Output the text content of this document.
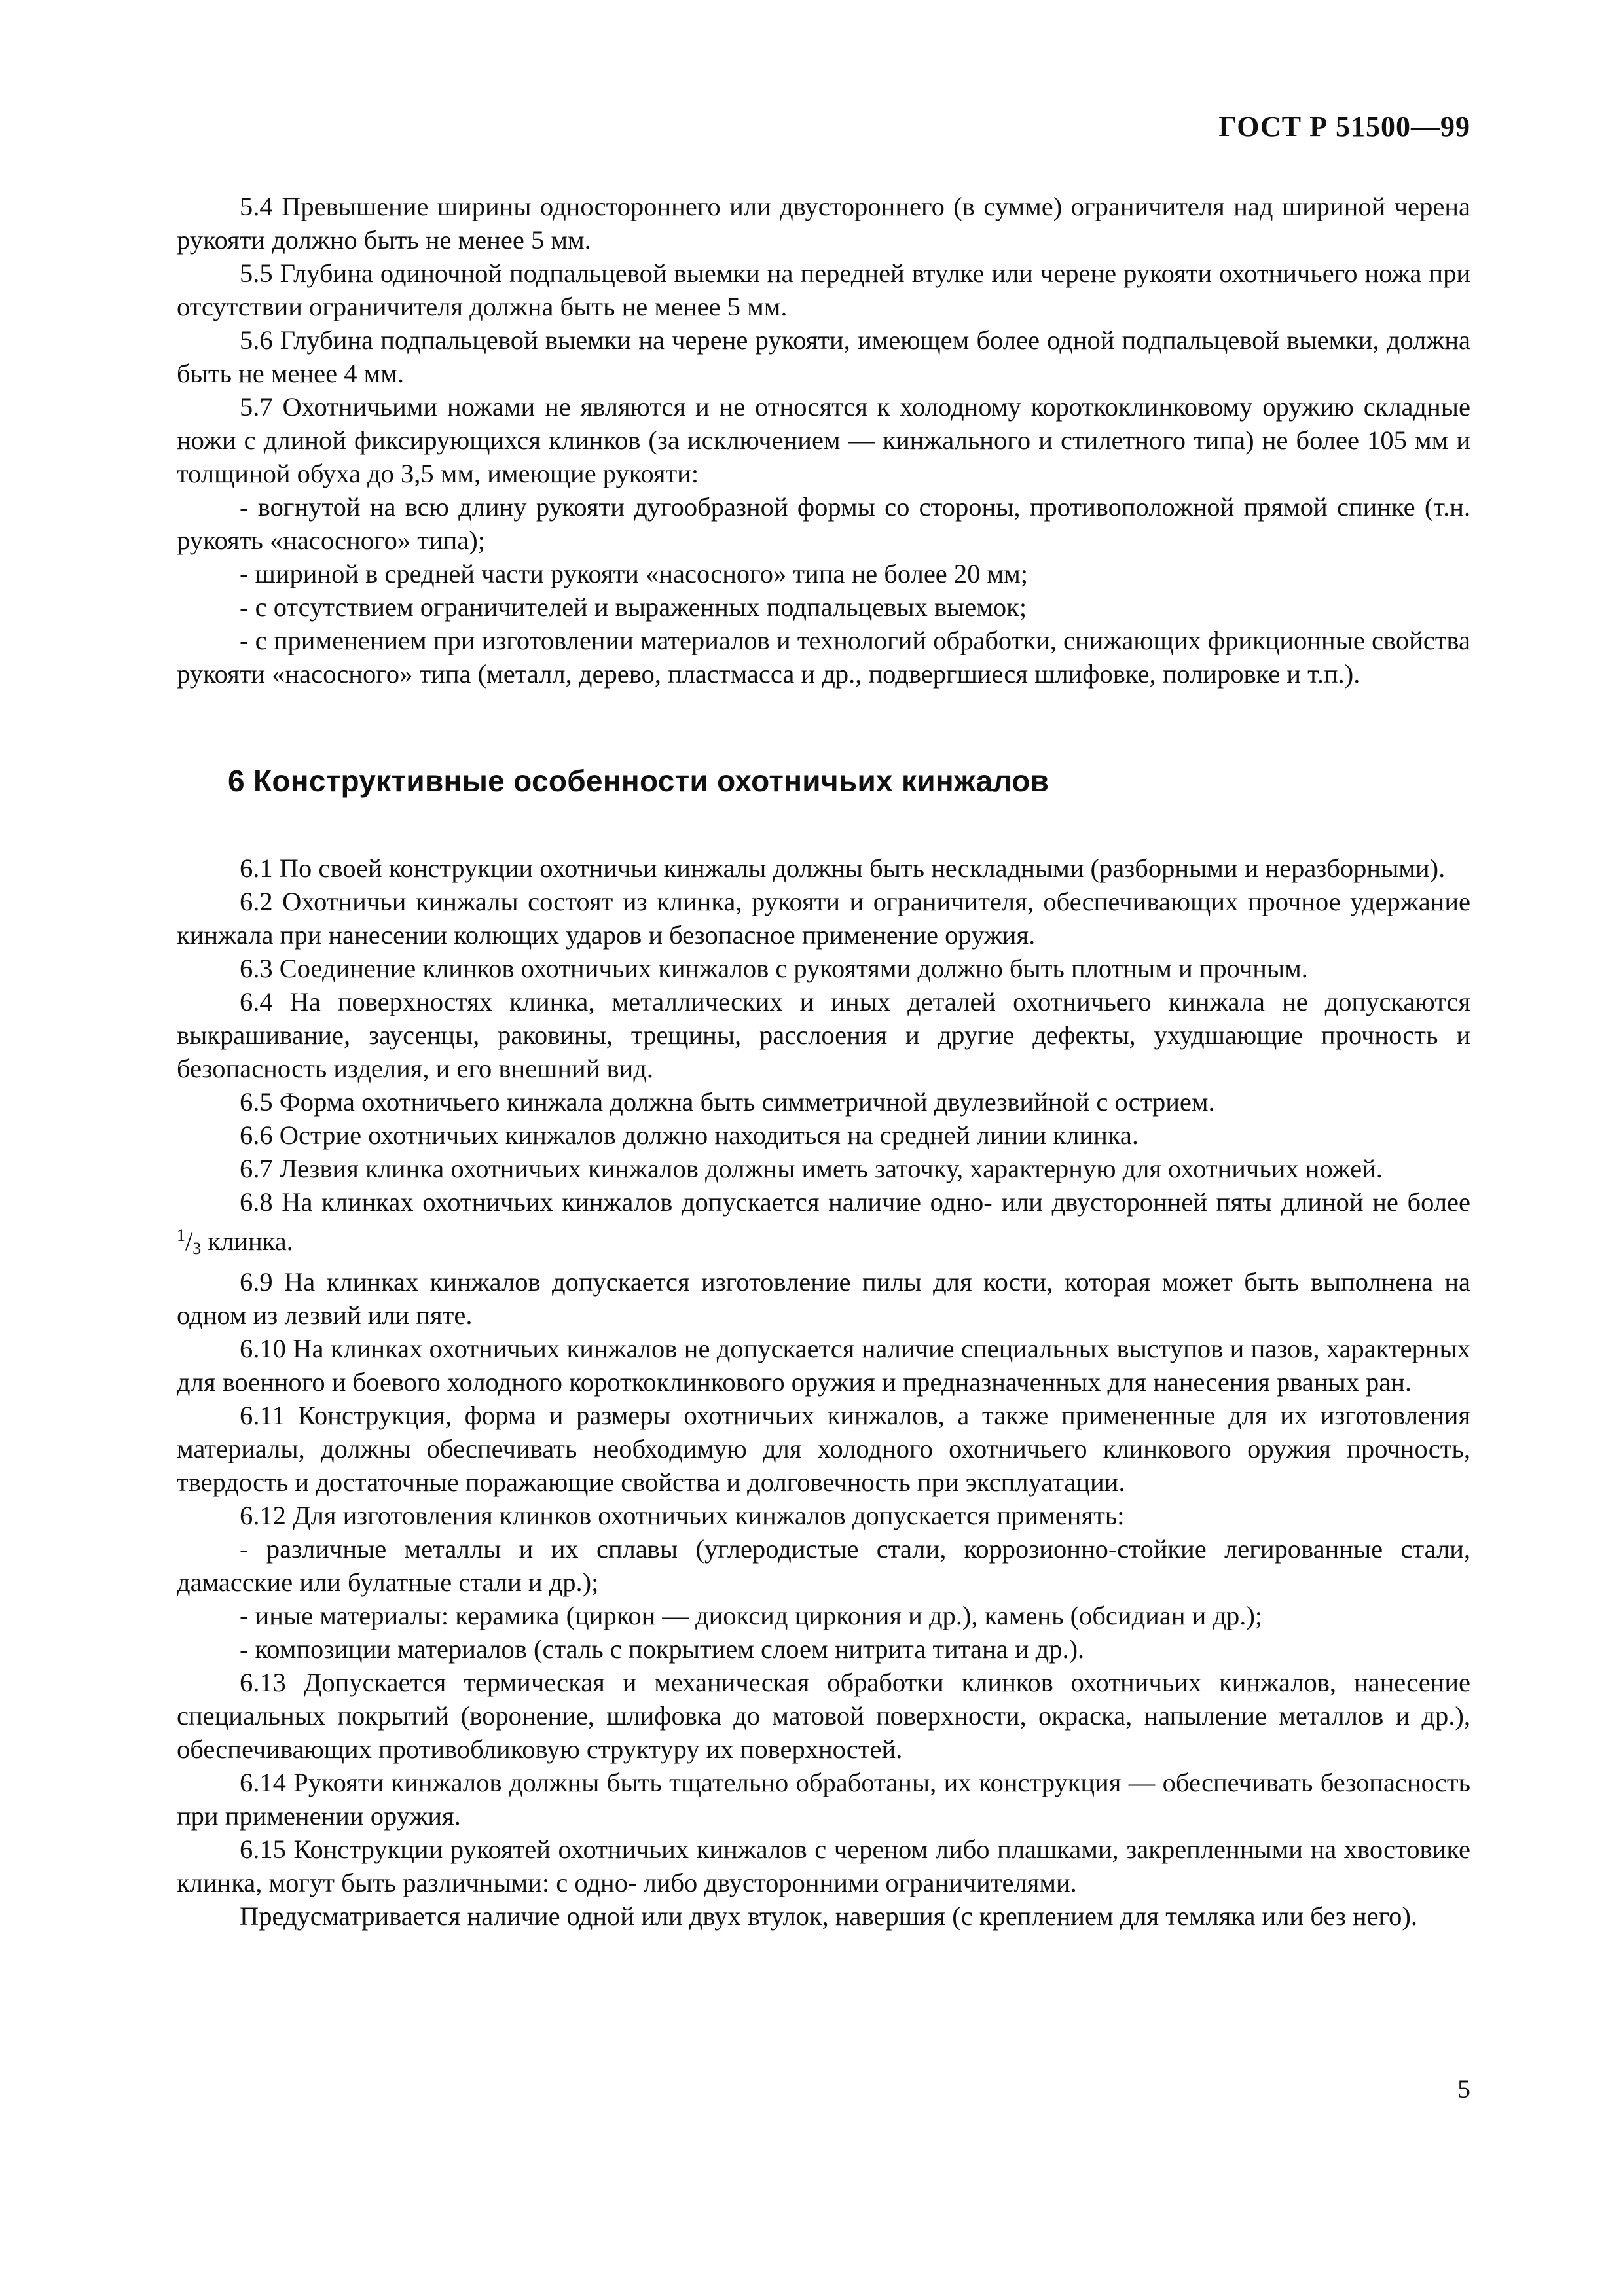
ГОСТ Р 51500—99

5.4 Превышение ширины одностороннего или двустороннего (в сумме) ограничителя над шириной черена рукояти должно быть не менее 5 мм.

5.5 Глубина одиночной подпальцевой выемки на передней втулке или черене рукояти охотничьего ножа при отсутствии ограничителя должна быть не менее 5 мм.

5.6 Глубина подпальцевой выемки на черене рукояти, имеющем более одной подпальцевой выемки, должна быть не менее 4 мм.

5.7 Охотничьими ножами не являются и не относятся к холодному короткоклинковому оружию складные ножи с длиной фиксирующихся клинков (за исключением — кинжального и стилетного типа) не более 105 мм и толщиной обуха до 3,5 мм, имеющие рукояти:

- вогнутой на всю длину рукояти дугообразной формы со стороны, противоположной прямой спинке (т.н. рукоять «насосного» типа);

- шириной в средней части рукояти «насосного» типа не более 20 мм;

- с отсутствием ограничителей и выраженных подпальцевых выемок;

- с применением при изготовлении материалов и технологий обработки, снижающих фрикционные свойства рукояти «насосного» типа (металл, дерево, пластмасса и др., подвергшиеся шлифовке, полировке и т.п.).

6 Конструктивные особенности охотничьих кинжалов

6.1 По своей конструкции охотничьи кинжалы должны быть нескладными (разборными и неразборными).

6.2 Охотничьи кинжалы состоят из клинка, рукояти и ограничителя, обеспечивающих прочное удержание кинжала при нанесении колющих ударов и безопасное применение оружия.

6.3 Соединение клинков охотничьих кинжалов с рукоятями должно быть плотным и прочным.

6.4 На поверхностях клинка, металлических и иных деталей охотничьего кинжала не допускаются выкрашивание, заусенцы, раковины, трещины, расслоения и другие дефекты, ухудшающие прочность и безопасность изделия, и его внешний вид.

6.5 Форма охотничьего кинжала должна быть симметричной двулезвийной с острием.

6.6 Острие охотничьих кинжалов должно находиться на средней линии клинка.

6.7 Лезвия клинка охотничьих кинжалов должны иметь заточку, характерную для охотничьих ножей.

6.8 На клинках охотничьих кинжалов допускается наличие одно- или двусторонней пяты длиной не более $^1/_3$ клинка.

6.9 На клинках кинжалов допускается изготовление пилы для кости, которая может быть выполнена на одном из лезвий или пяте.

6.10 На клинках охотничьих кинжалов не допускается наличие специальных выступов и пазов, характерных для военного и боевого холодного короткоклинкового оружия и предназначенных для нанесения рваных ран.

6.11 Конструкция, форма и размеры охотничьих кинжалов, а также примененные для их изготовления материалы, должны обеспечивать необходимую для холодного охотничьего клинкового оружия прочность, твердость и достаточные поражающие свойства и долговечность при эксплуатации.

6.12 Для изготовления клинков охотничьих кинжалов допускается применять:

- различные металлы и их сплавы (углеродистые стали, коррозионно-стойкие легированные стали, дамасские или булатные стали и др.);

- иные материалы: керамика (циркон — диоксид циркония и др.), камень (обсидиан и др.);

- композиции материалов (сталь с покрытием слоем нитрита титана и др.).

6.13 Допускается термическая и механическая обработки клинков охотничьих кинжалов, нанесение специальных покрытий (воронение, шлифовка до матовой поверхности, окраска, напыление металлов и др.), обеспечивающих противобликовую структуру их поверхностей.

6.14 Рукояти кинжалов должны быть тщательно обработаны, их конструкция — обеспечивать безопасность при применении оружия.

6.15 Конструкции рукоятей охотничьих кинжалов с череном либо плашками, закрепленными на хвостовике клинка, могут быть различными: с одно- либо двусторонними ограничителями.

Предусматривается наличие одной или двух втулок, навершия (с креплением для темляка или без него).

5
